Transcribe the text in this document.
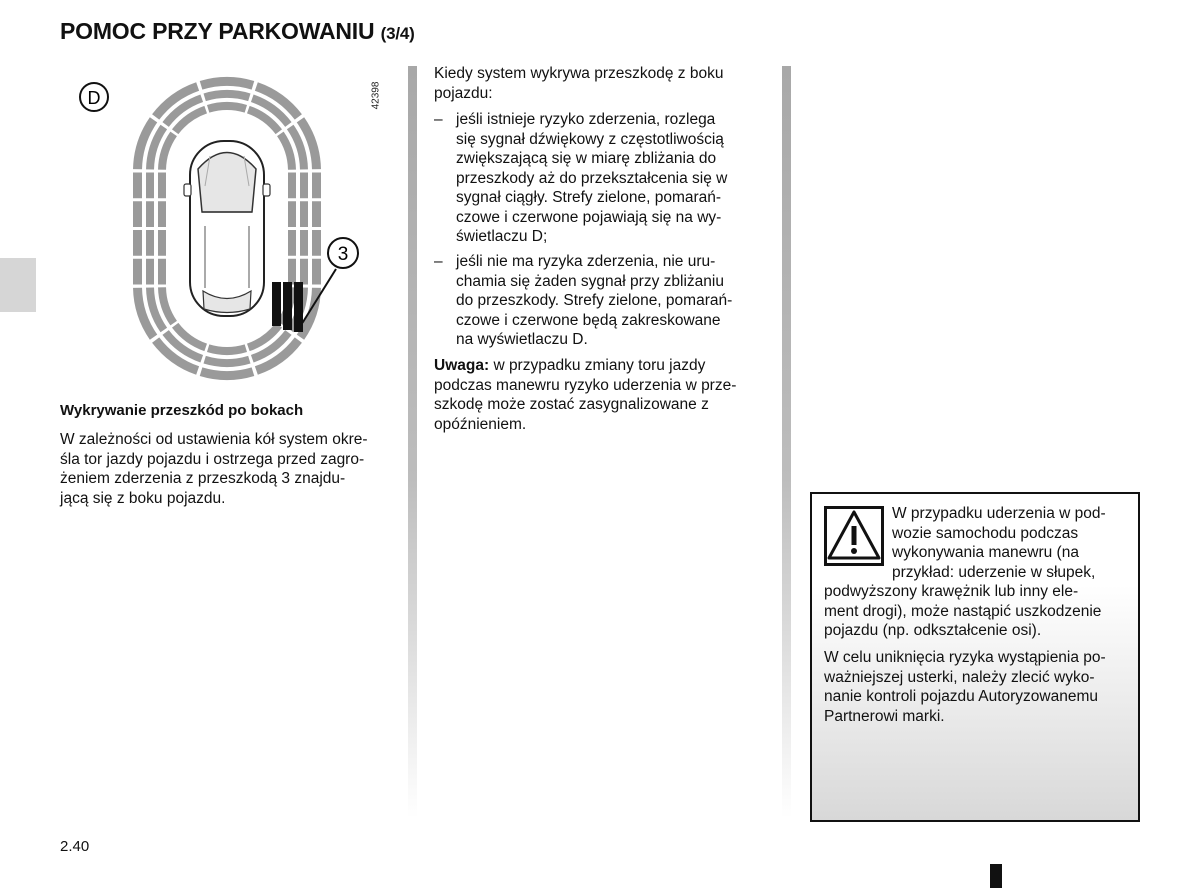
POMOC PRZY PARKOWANIU (3/4)
3
D	42398
Wykrywanie przeszkód po bokach
W zależności od ustawienia kół system okre-
śla tor jazdy pojazdu i ostrzega przed zagro-
żeniem zderzenia z przeszkodą 3 znajdu-
jącą się z boku pojazdu.
Kiedy system wykrywa przeszkodę z boku
pojazdu:
– jeśli istnieje ryzyko zderzenia, rozlega
się sygnał dźwiękowy z częstotliwością
zwiększającą się w miarę zbliżania do
przeszkody aż do przekształcenia się w
sygnał ciągły. Strefy zielone, pomarań-
czowe i czerwone pojawiają się na wy-
świetlaczu D;
– jeśli nie ma ryzyka zderzenia, nie uru-
chamia się żaden sygnał przy zbliżaniu
do przeszkody. Strefy zielone, pomarań-
czowe i czerwone będą zakreskowane
na wyświetlaczu D.
Uwaga: w przypadku zmiany toru jazdy
podczas manewru ryzyko uderzenia w prze-
szkodę może zostać zasygnalizowane z
opóźnieniem.
W przypadku uderzenia w pod-
wozie samochodu podczas
wykonywania manewru (na
przykład: uderzenie w słupek,
podwyższony krawężnik lub inny ele-
ment drogi), może nastąpić uszkodzenie
pojazdu (np. odkształcenie osi).
W celu uniknięcia ryzyka wystąpienia po-
ważniejszej usterki, należy zlecić wyko-
nanie kontroli pojazdu Autoryzowanemu
Partnerowi marki.
2.40
